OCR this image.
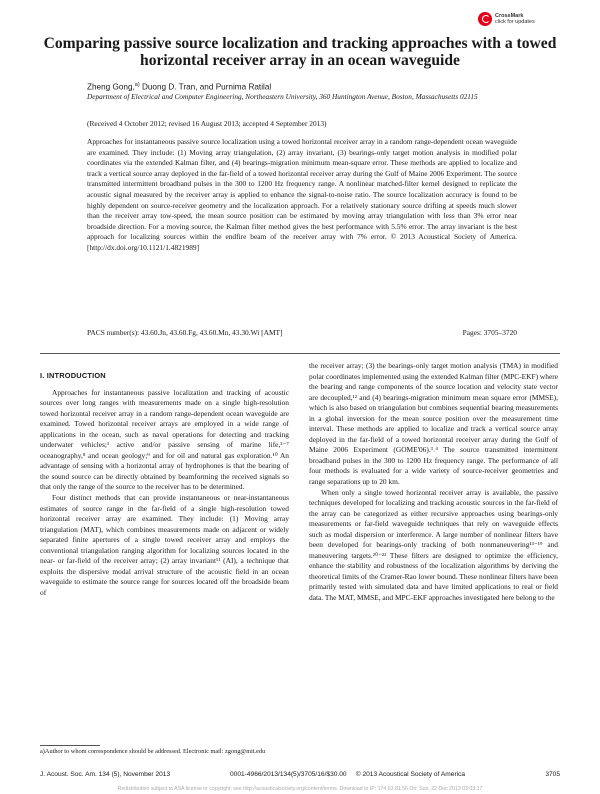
CrossMark
click for updates
Comparing passive source localization and tracking approaches with a towed horizontal receiver array in an ocean waveguide
Zheng Gong,$^{a)}$ Duong D. Tran, and Purnima Ratilal
Department of Electrical and Computer Engineering, Northeastern University, 360 Huntington Avenue, Boston, Massachusetts 02115
(Received 4 October 2012; revised 16 August 2013; accepted 4 September 2013)

Approaches for instantaneous passive source localization using a towed horizontal receiver array in a random range-dependent ocean waveguide are examined. They include: (1) Moving array triangulation, (2) array invariant, (3) bearings-only target motion analysis in modified polar coordinates via the extended Kalman filter, and (4) bearings-migration minimum mean-square error. These methods are applied to localize and track a vertical source array deployed in the far-field of a towed horizontal receiver array during the Gulf of Maine 2006 Experiment. The source transmitted intermittent broadband pulses in the 300 to 1200 Hz frequency range. A nonlinear matched-filter kernel designed to replicate the acoustic signal measured by the receiver array is applied to enhance the signal-to-noise ratio. The source localization accuracy is found to be highly dependent on source-receiver geometry and the localization approach. For a relatively stationary source drifting at speeds much slower than the receiver array tow-speed, the mean source position can be estimated by moving array triangulation with less than 3% error near broadside direction. For a moving source, the Kalman filter method gives the best performance with 5.5% error. The array invariant is the best approach for localizing sources within the endfire beam of the receiver array with 7% error. © 2013 Acoustical Society of America. [http://dx.doi.org/10.1121/1.4821989]

PACS number(s): 43.60.Jn, 43.60.Fg, 43.60.Mn, 43.30.Wi [AMT]	Pages: 3705–3720
I. INTRODUCTION

Approaches for instantaneous passive localization and tracking of acoustic sources over long ranges with measurements made on a single high-resolution towed horizontal receiver array in a random range-dependent ocean waveguide are examined. Towed horizontal receiver arrays are employed in a wide range of applications in the ocean, such as naval operations for detecting and tracking underwater vehicles;¹ active and/or passive sensing of marine life,³⁻⁷ oceanography,⁸ and ocean geology;⁹ and for oil and natural gas exploration.¹⁰ An advantage of sensing with a horizontal array of hydrophones is that the bearing of the sound source can be directly obtained by beamforming the received signals so that only the range of the source to the receiver has to be determined.

Four distinct methods that can provide instantaneous or near-instantaneous estimates of source range in the far-field of a single high-resolution towed horizontal receiver array are examined. They include: (1) Moving array triangulation (MAT), which combines measurements made on adjacent or widely separated finite apertures of a single towed receiver array and employs the conventional triangulation ranging algorithm for localizing sources located in the near- or far-field of the receiver array; (2) array invariant¹¹ (AI), a technique that exploits the dispersive modal arrival structure of the acoustic field in an ocean waveguide to estimate the source range for sources located off the broadside beam of

the receiver array; (3) the bearings-only target motion analysis (TMA) in modified polar coordinates implemented using the extended Kalman filter (MPC-EKF) where the bearing and range components of the source location and velocity state vector are decoupled,¹² and (4) bearings-migration minimum mean square error (MMSE), which is also based on triangulation but combines sequential bearing measurements in a global inversion for the mean source position over the measurement time interval. These methods are applied to localize and track a vertical source array deployed in the far-field of a towed horizontal receiver array during the Gulf of Maine 2006 Experiment (GOME'06).³˒⁴ The source transmitted intermittent broadband pulses in the 300 to 1200 Hz frequency range. The performance of all four methods is evaluated for a wide variety of source-receiver geometries and range separations up to 20 km.

When only a single towed horizontal receiver array is available, the passive techniques developed for localizing and tracking acoustic sources in the far-field of the array can be categorized as either recursive approaches using bearings-only measurements or far-field waveguide techniques that rely on waveguide effects such as modal dispersion or interference. A large number of nonlinear filters have been developed for bearings-only tracking of both nonmaneuvering¹³⁻¹⁹ and maneuvering targets.²⁰⁻²² These filters are designed to optimize the efficiency, enhance the stability and robustness of the localization algorithms by deriving the theoretical limits of the Cramer-Rao lower bound. These nonlinear filters have been primarily tested with simulated data and have limited applications to real or field data. The MAT, MMSE, and MPC-EKF approaches investigated here belong to the

a)Author to whom correspondence should be addressed. Electronic mail: zgong@mit.edu
J. Acoust. Soc. Am. 134 (5), November 2013	0001-4966/2013/134(5)/3705/16/$30.00 © 2013 Acoustical Society of America	3705
Redistribution subject to ASA license or copyright; see http://acousticalsociety.org/content/terms. Download to IP: 174.63.81.56 On: Sun, 22 Dec 2013 03:03:17
